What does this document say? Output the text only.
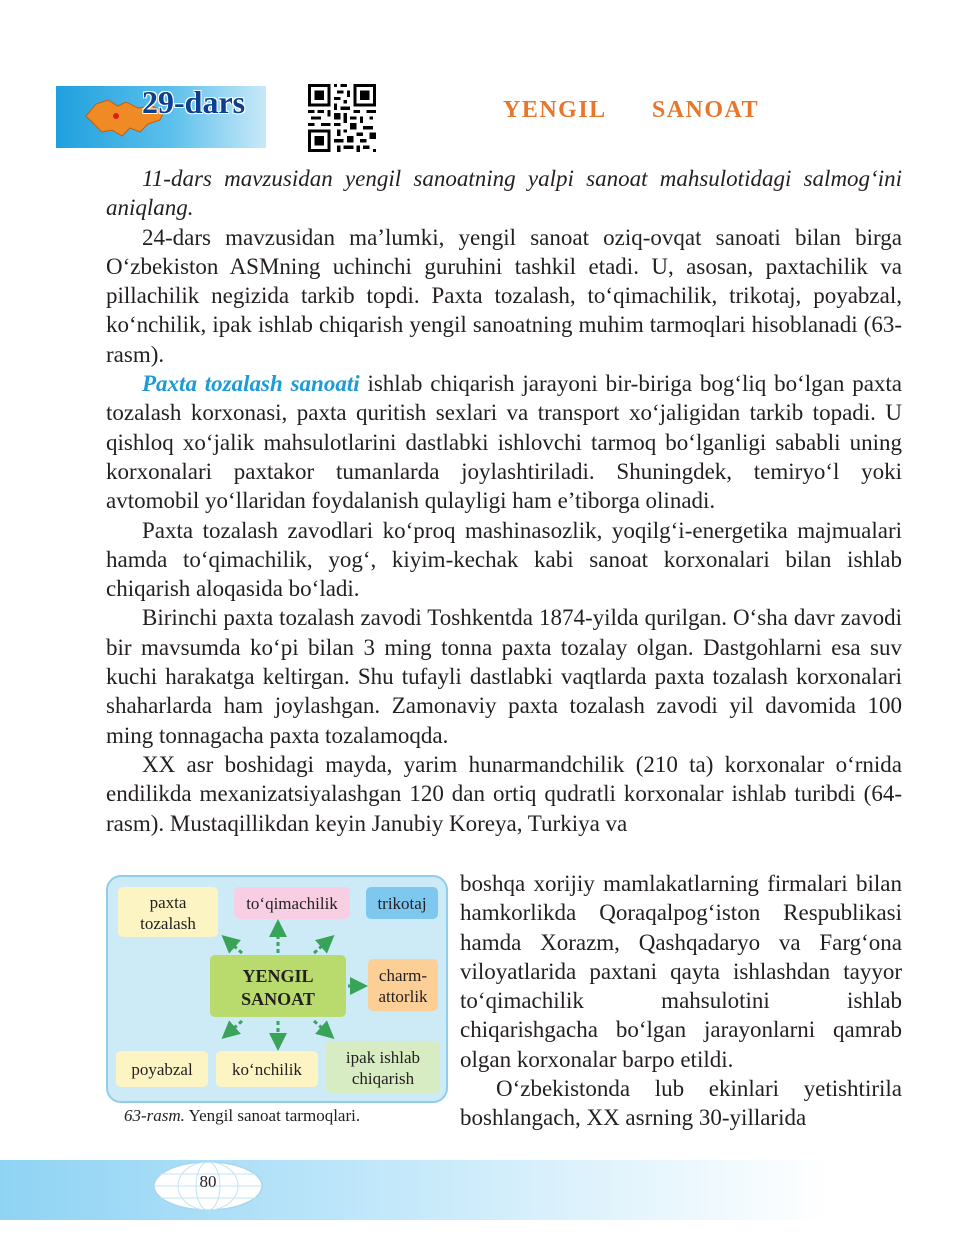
29-dars	YENGIL   SANOAT

11-dars mavzusidan yengil sanoatning yalpi sanoat mahsulotidagi salmog‘ini aniqlang.

24-dars mavzusidan ma’lumki, yengil sanoat oziq-ovqat sanoati bilan birga O‘zbekiston ASMning uchinchi guruhini tashkil etadi. U, asosan, paxtachilik va pillachilik negizida tarkib topdi. Paxta tozalash, to‘qimachilik, trikotaj, poyabzal, ko‘nchilik, ipak ishlab chiqarish yengil sanoatning muhim tarmoqlari hisoblanadi (63-rasm).

Paxta tozalash sanoati ishlab chiqarish jarayoni bir-biriga bog‘liq bo‘lgan paxta tozalash korxonasi, paxta quritish sexlari va transport xo‘jaligidan tarkib topadi. U qishloq xo‘jalik mahsulotlarini dastlabki ishlovchi tarmoq bo‘lganligi sababli uning korxonalari paxtakor tumanlarda joylashtiriladi. Shuningdek, temiryo‘l yoki avtomobil yo‘llaridan foydalanish qulayligi ham e’tiborga olinadi.

Paxta tozalash zavodlari ko‘proq mashinasozlik, yoqilg‘i-energetika majmualari hamda to‘qimachilik, yog‘, kiyim-kechak kabi sanoat korxonalari bilan ishlab chiqarish aloqasida bo‘ladi.

Birinchi paxta tozalash zavodi Toshkentda 1874-yilda qurilgan. O‘sha davr zavodi bir mavsumda ko‘pi bilan 3 ming tonna paxta tozalay olgan. Dastgohlarni esa suv kuchi harakatga keltirgan. Shu tufayli dastlabki vaqtlarda paxta tozalash korxonalari shaharlarda ham joylashgan. Zamonaviy paxta tozalash zavodi yil davomida 100 ming tonnagacha paxta tozalamoqda.

XX asr boshidagi mayda, yarim hunarmandchilik (210 ta) korxonalar o‘rnida endilikda mexanizatsiyalashgan 120 dan ortiq qudratli korxonalar ishlab turibdi (64-rasm). Mustaqillikdan keyin Janubiy Koreya, Turkiya va

boshqa xorijiy mamlakatlarning firmalari bilan hamkorlikda Qoraqalpog‘iston Respublikasi hamda Xorazm, Qashqadaryo va Farg‘ona viloyatlarida paxtani qayta ishlashdan tayyor to‘qimachilik mahsulotini ishlab chiqarishgacha bo‘lgan jarayonlarni qamrab olgan korxonalar barpo etildi.

O‘zbekistonda lub ekinlari yetishtirila boshlangach, XX asrning 30-yillarida

paxta
tozalash
to‘qimachilik trikotaj
YENGIL
SANOAT
charm-
attorlik
poyabzal ko‘nchilik
ipak ishlab
chiqarish
63-rasm. Yengil sanoat tarmoqlari.
80
